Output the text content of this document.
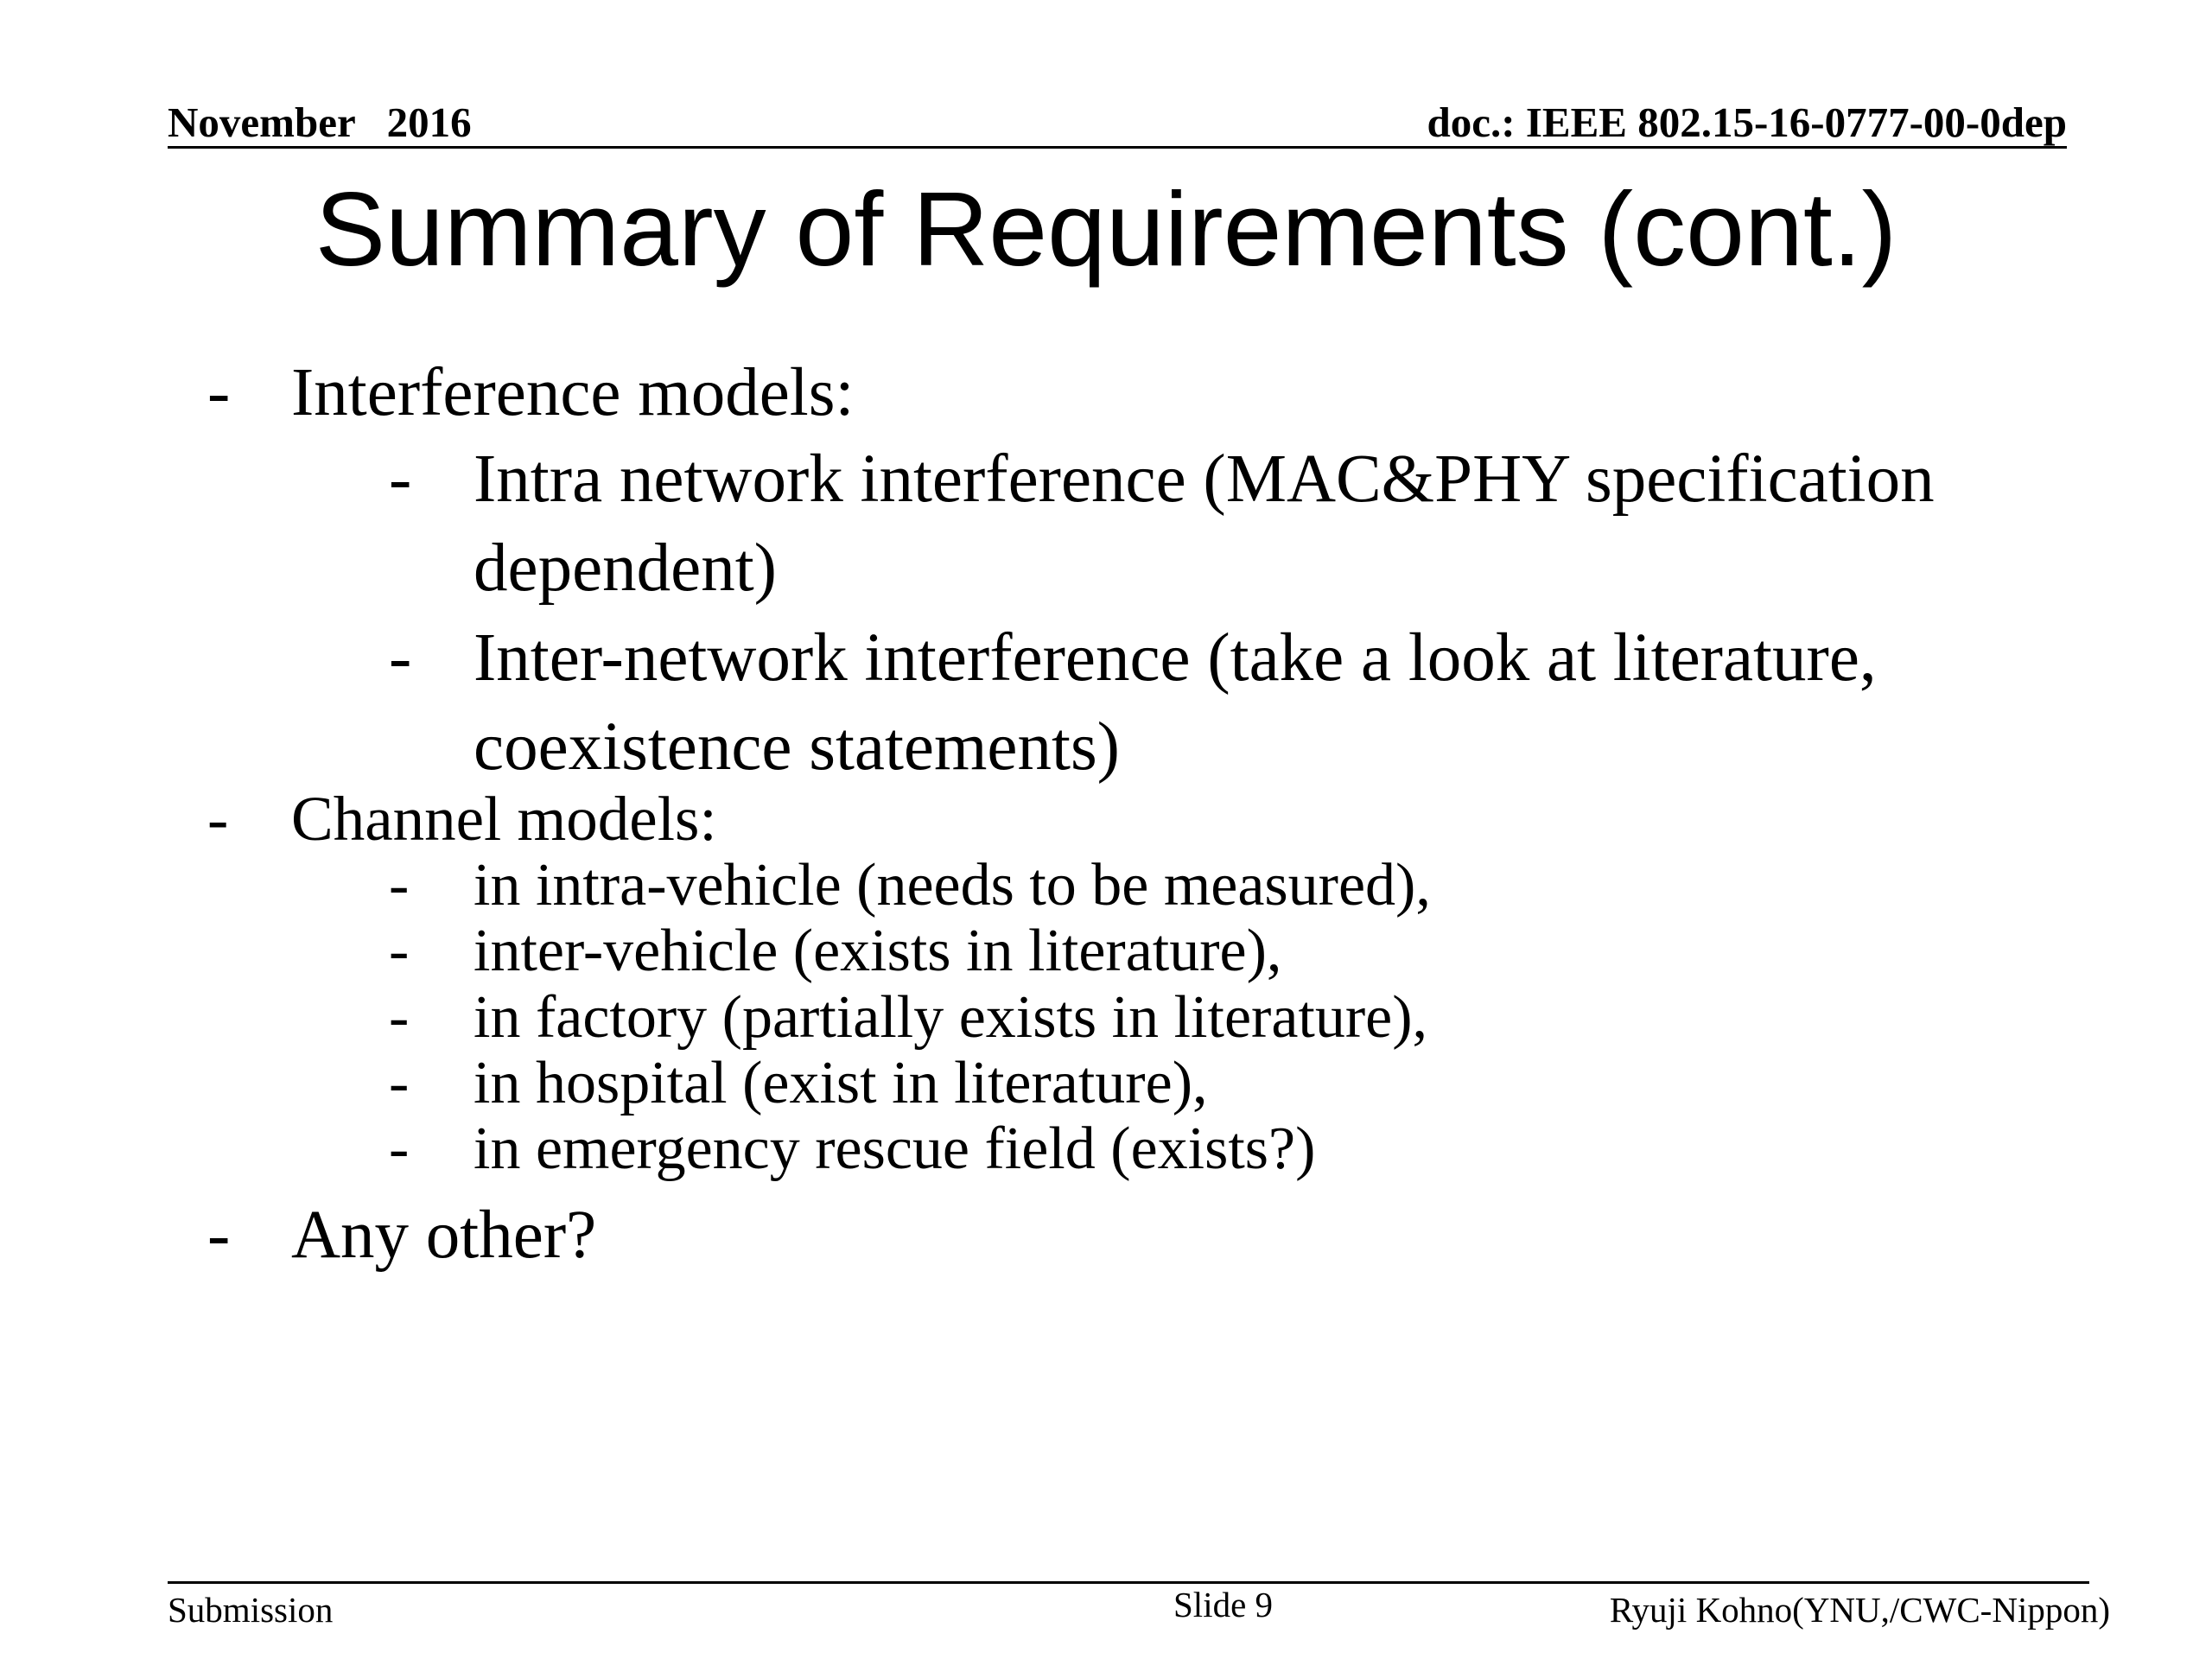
November   2016	doc.: IEEE 802.15-16-0777-00-0dep
Summary of Requirements (cont.)
- Interference models:
- Intra network interference (MAC&PHY specification
dependent)
- Inter-network interference (take a look at literature,
coexistence statements)
- Channel models:
- in intra-vehicle (needs to be measured),
- inter-vehicle (exists in literature),
- in factory (partially exists in literature),
- in hospital (exist in literature),
- in emergency rescue field (exists?)
- Any other?
Submission	Slide 9	Ryuji Kohno(YNU,/CWC-Nippon)
